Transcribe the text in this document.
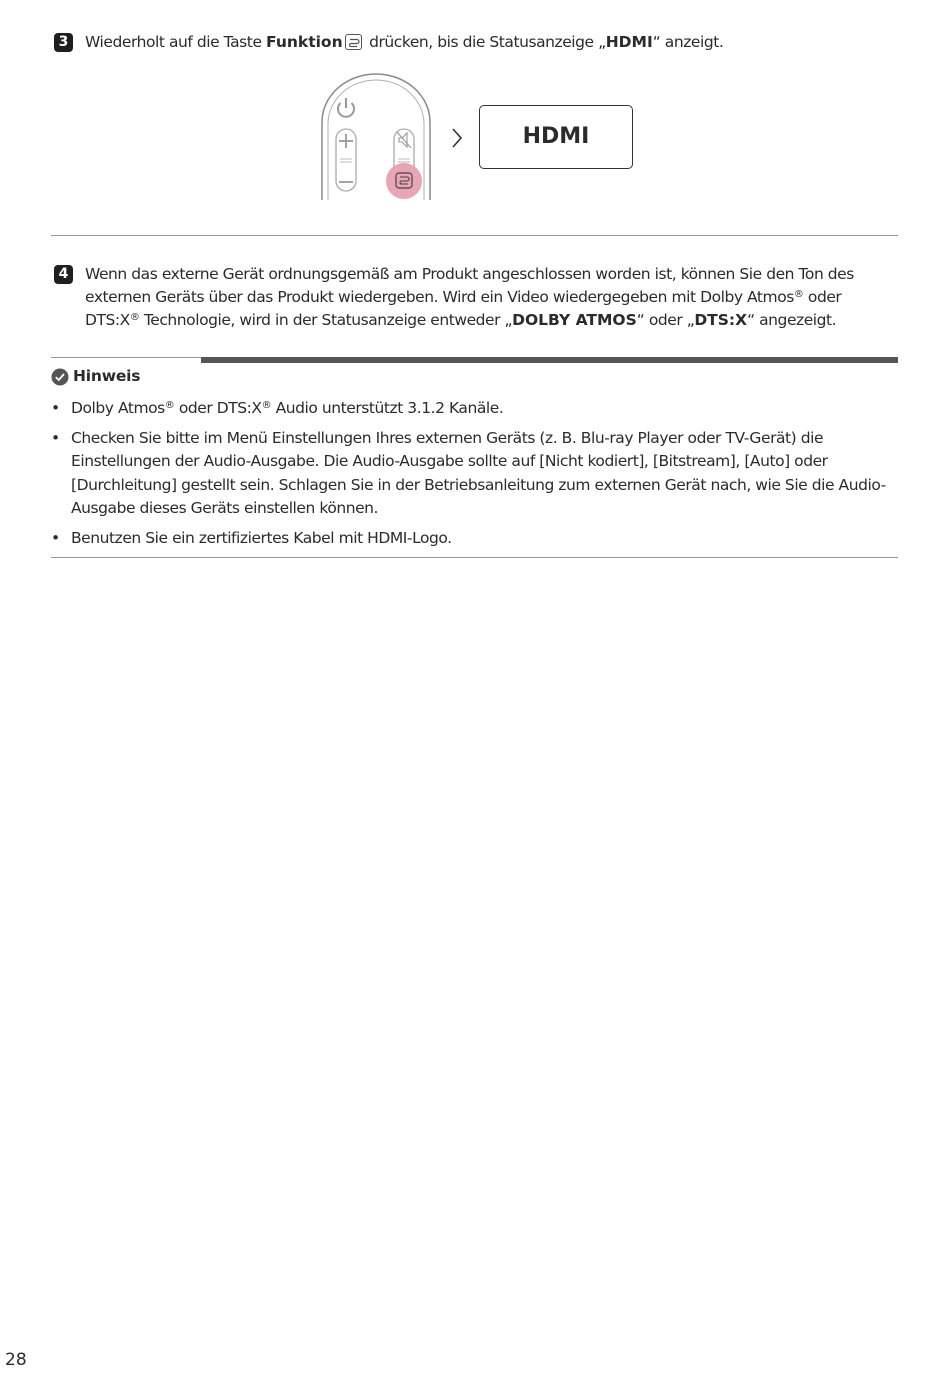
3 Wiederholt auf die Taste Funktion
drücken, bis die Statusanzeige „HDMI“ anzeigt.
HDMI
4 Wenn das externe Gerät ordnungsgemäß am Produkt angeschlossen worden ist, können Sie den Ton des
externen Geräts über das Produkt wiedergeben. Wird ein Video wiedergegeben mit Dolby Atmos® oder
DTS:X® Technologie, wird in der Statusanzeige entweder „DOLBY ATMOS“ oder „DTS:X“ angezeigt.
Hinweis
• Dolby Atmos® oder DTS:X® Audio unterstützt 3.1.2 Kanäle.
• Checken Sie bitte im Menü Einstellungen Ihres externen Geräts (z. B. Blu-ray Player oder TV-Gerät) die
Einstellungen der Audio-Ausgabe. Die Audio-Ausgabe sollte auf [Nicht kodiert], [Bitstream], [Auto] oder
[Durchleitung] gestellt sein. Schlagen Sie in der Betriebsanleitung zum externen Gerät nach, wie Sie die Audio-
Ausgabe dieses Geräts einstellen können.
• Benutzen Sie ein zertifiziertes Kabel mit HDMI-Logo.
28
